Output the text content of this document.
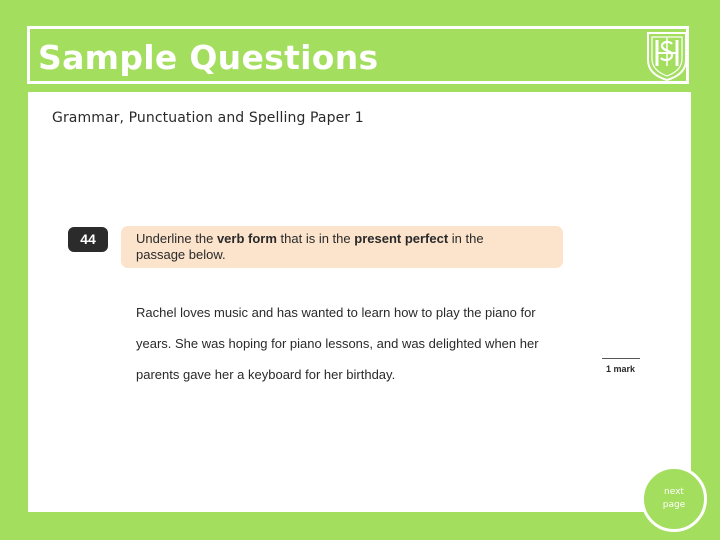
Sample Questions
Grammar, Punctuation and Spelling Paper 1
44	Underline the verb form that is in the present perfect in the
passage below.
Rachel loves music and has wanted to learn how to play the piano for
years. She was hoping for piano lessons, and was delighted when her
parents gave her a keyboard for her birthday.	1 mark
next
page
